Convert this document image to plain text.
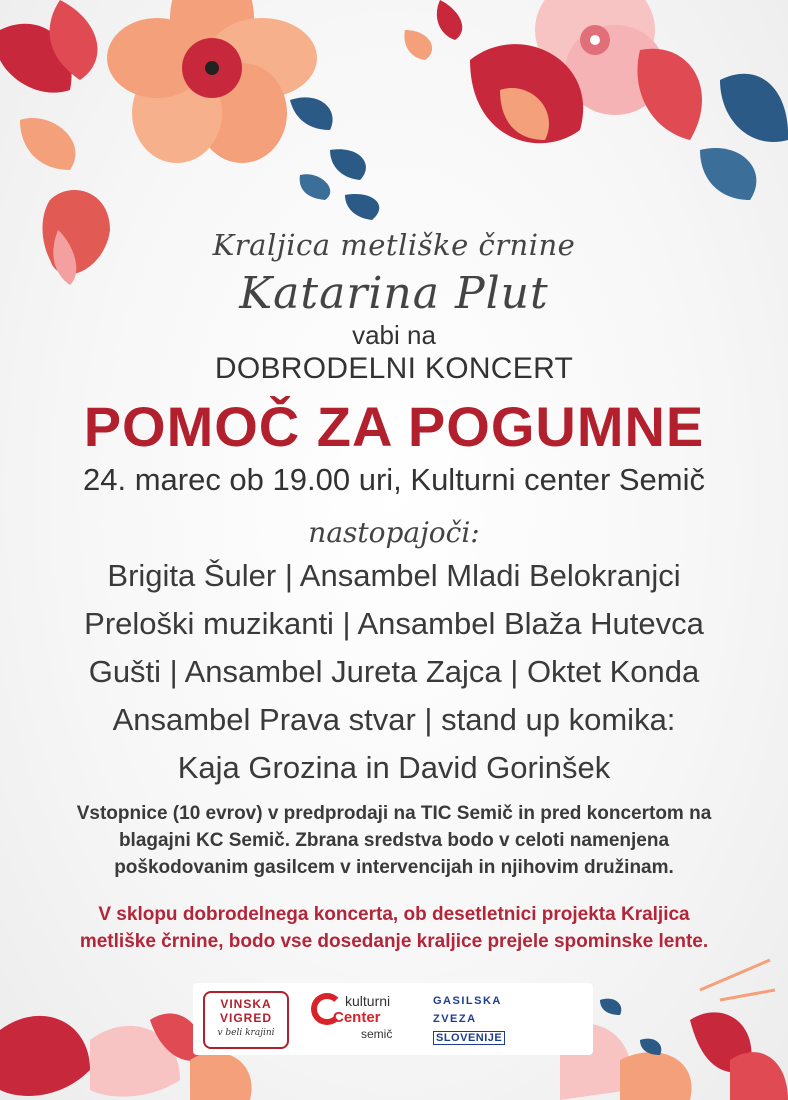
Kraljica metliške črnine
Katarina Plut
vabi na
DOBRODELNI KONCERT
POMOČ ZA POGUMNE
24. marec ob 19.00 uri, Kulturni center Semič
nastopajoči:
Brigita Šuler | Ansambel Mladi Belokranjci
Preloški muzikanti | Ansambel Blaža Hutevca
Gušti | Ansambel Jureta Zajca | Oktet Konda
Ansambel Prava stvar | stand up komika:
Kaja Grozina in David Gorinšek
Vstopnice (10 evrov) v predprodaji na TIC Semič in pred koncertom na
blagajni KC Semič. Zbrana sredstva bodo v celoti namenjena
poškodovanim gasilcem v intervencijah in njihovim družinam.
V sklopu dobrodelnega koncerta, ob desetletnici projekta Kraljica
metliške črnine, bodo vse dosedanje kraljice prejele spominske lente.
VINSKA
VIGRED
v beli krajini
kulturni
Center
semič
GASILSKA
ZVEZA
SLOVENIJE
